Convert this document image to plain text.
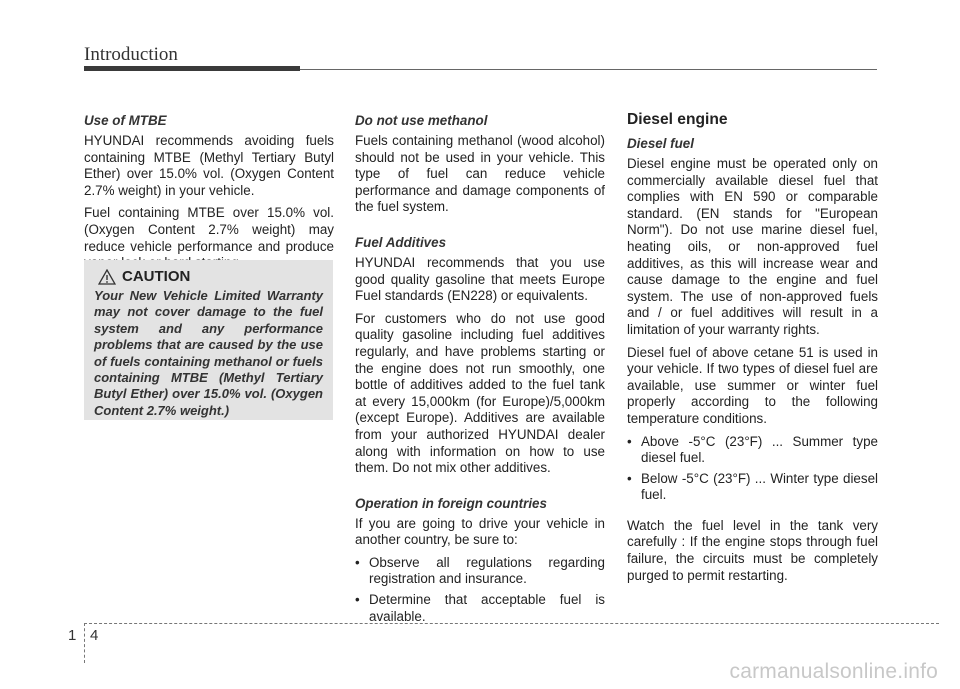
Introduction
Use of MTBE

HYUNDAI recommends avoiding fuels containing MTBE (Methyl Tertiary Butyl Ether) over 15.0% vol. (Oxygen Content 2.7% weight) in your vehicle.

Fuel containing MTBE over 15.0% vol. (Oxygen Content 2.7% weight) may reduce vehicle performance and produce

CAUTION

Your New Vehicle Limited Warranty may not cover damage to the fuel system and any performance problems that are caused by the use of fuels containing methanol or fuels containing MTBE (Methyl Tertiary Butyl Ether) over 15.0% vol. (Oxygen Content 2.7% weight.)

Do not use methanol

Fuels containing methanol (wood alcohol) should not be used in your vehicle. This type of fuel can reduce vehicle performance and damage components of the fuel system.

Fuel Additives

HYUNDAI recommends that you use good quality gasoline that meets Europe Fuel standards (EN228) or equivalents.

For customers who do not use good quality gasoline including fuel additives regularly, and have problems starting or the engine does not run smoothly, one bottle of additives added to the fuel tank at every 15,000km (for Europe)/5,000km (except Europe). Additives are available from your authorized HYUNDAI dealer along with information on how to use them. Do not mix other additives.

Operation in foreign countries

If you are going to drive your vehicle in another country, be sure to:

• Observe all regulations regarding registration and insurance.
• Determine that acceptable fuel is available.
Diesel engine
Diesel fuel

Diesel engine must be operated only on commercially available diesel fuel that complies with EN 590 or comparable standard. (EN stands for "European Norm"). Do not use marine diesel fuel, heating oils, or non-approved fuel additives, as this will increase wear and cause damage to the engine and fuel system. The use of non-approved fuels and / or fuel additives will result in a limitation of your warranty rights.

Diesel fuel of above cetane 51 is used in your vehicle. If two types of diesel fuel are available, use summer or winter fuel properly according to the following temperature conditions.

• Above -5°C (23°F) ... Summer type diesel fuel.
• Below -5°C (23°F) ... Winter type diesel fuel.

Watch the fuel level in the tank very carefully : If the engine stops through fuel failure, the circuits must be completely purged to permit restarting.

1 4
carmanualsonline.info
